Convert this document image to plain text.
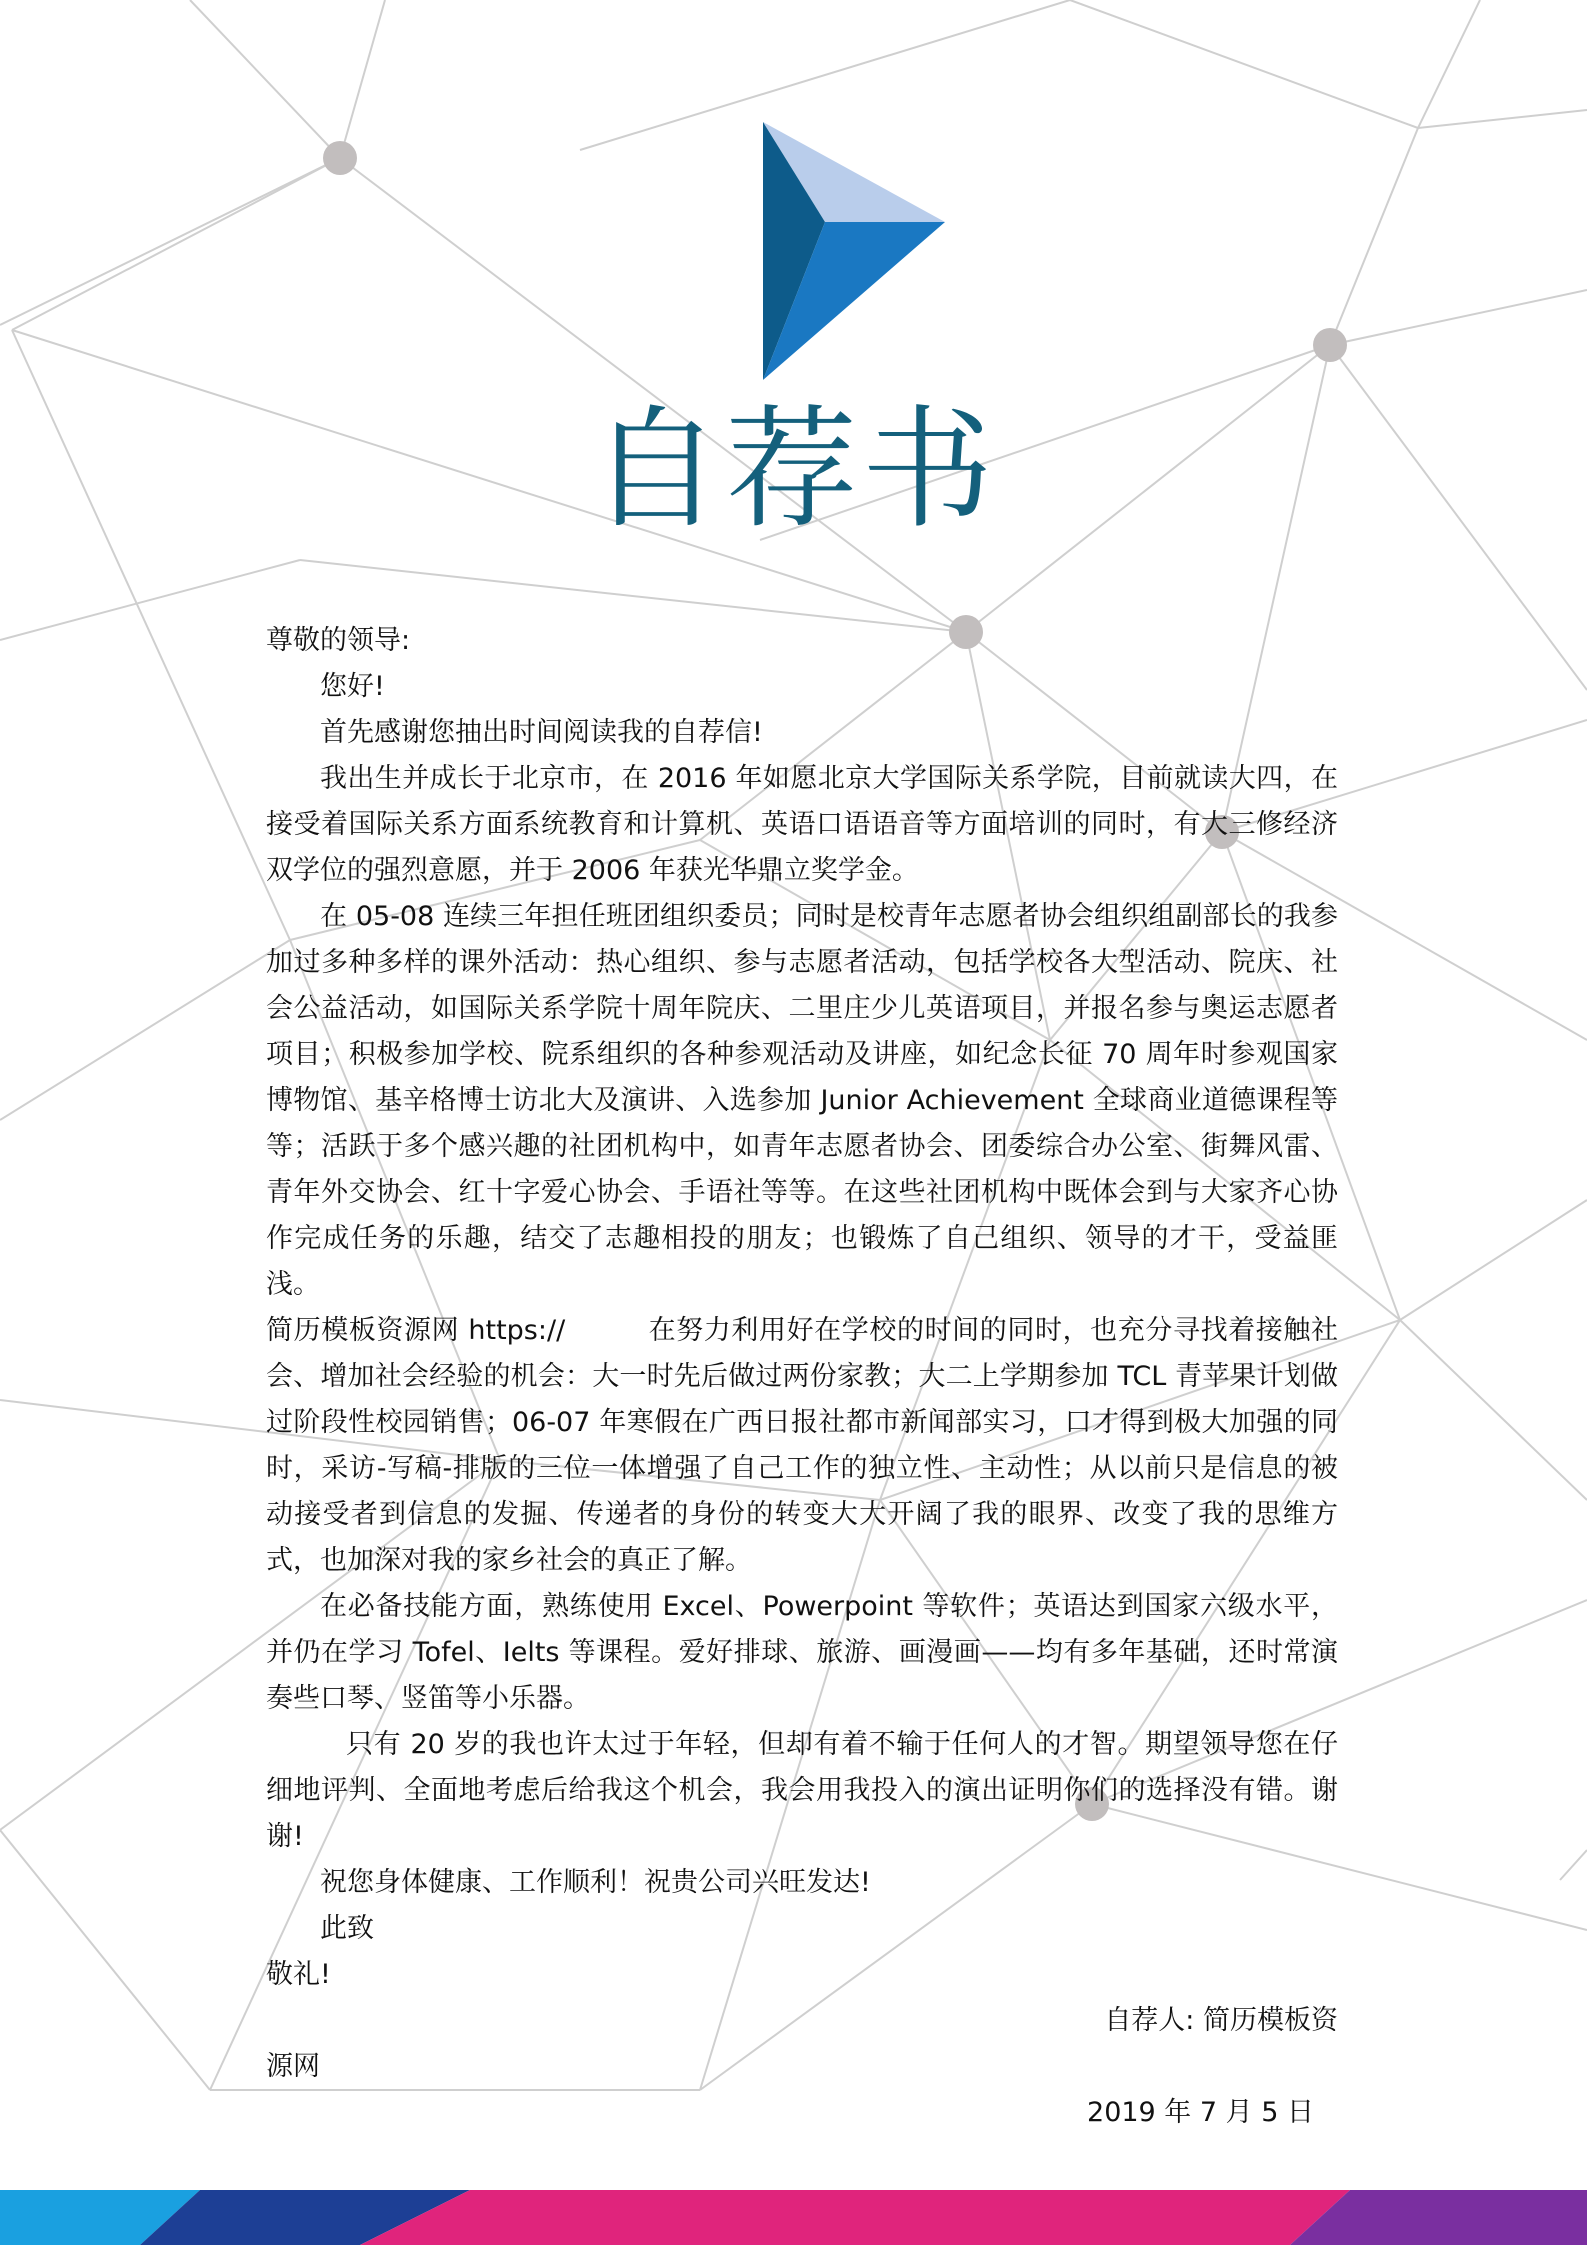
自荐书

尊敬的领导:

您好!

首先感谢您抽出时间阅读我的自荐信!

我出生并成长于北京市，在 2016 年如愿北京大学国际关系学院，目前就读大四，在接受着国际关系方面系统教育和计算机、英语口语语音等方面培训的同时，有大三修经济双学位的强烈意愿，并于 2006 年获光华鼎立奖学金。

在 05-08 连续三年担任班团组织委员；同时是校青年志愿者协会组织组副部长的我参加过多种多样的课外活动：热心组织、参与志愿者活动，包括学校各大型活动、院庆、社会公益活动，如国际关系学院十周年院庆、二里庄少儿英语项目，并报名参与奥运志愿者项目；积极参加学校、院系组织的各种参观活动及讲座，如纪念长征 70 周年时参观国家博物馆、基辛格博士访北大及演讲、入选参加 Junior Achievement 全球商业道德课程等等；活跃于多个感兴趣的社团机构中，如青年志愿者协会、团委综合办公室、街舞风雷、青年外交协会、红十字爱心协会、手语社等等。在这些社团机构中既体会到与大家齐心协作完成任务的乐趣，结交了志趣相投的朋友；也锻炼了自己组织、领导的才干，受益匪浅。

简历模板资源网 https://　　　在努力利用好在学校的时间的同时，也充分寻找着接触社会、增加社会经验的机会：大一时先后做过两份家教；大二上学期参加 TCL 青苹果计划做过阶段性校园销售；06-07 年寒假在广西日报社都市新闻部实习，口才得到极大加强的同时，采访-写稿-排版的三位一体增强了自己工作的独立性、主动性；从以前只是信息的被动接受者到信息的发掘、传递者的身份的转变大大开阔了我的眼界、改变了我的思维方式，也加深对我的家乡社会的真正了解。

在必备技能方面，熟练使用 Excel、Powerpoint 等软件；英语达到国家六级水平，并仍在学习 Tofel、Ielts 等课程。爱好排球、旅游、画漫画——均有多年基础，还时常演奏些口琴、竖笛等小乐器。

只有 20 岁的我也许太过于年轻，但却有着不输于任何人的才智。期望领导您在仔细地评判、全面地考虑后给我这个机会，我会用我投入的演出证明你们的选择没有错。谢谢!

祝您身体健康、工作顺利！祝贵公司兴旺发达!

此致

敬礼!

自荐人: 简历模板资

源网

2019 年 7 月 5 日
